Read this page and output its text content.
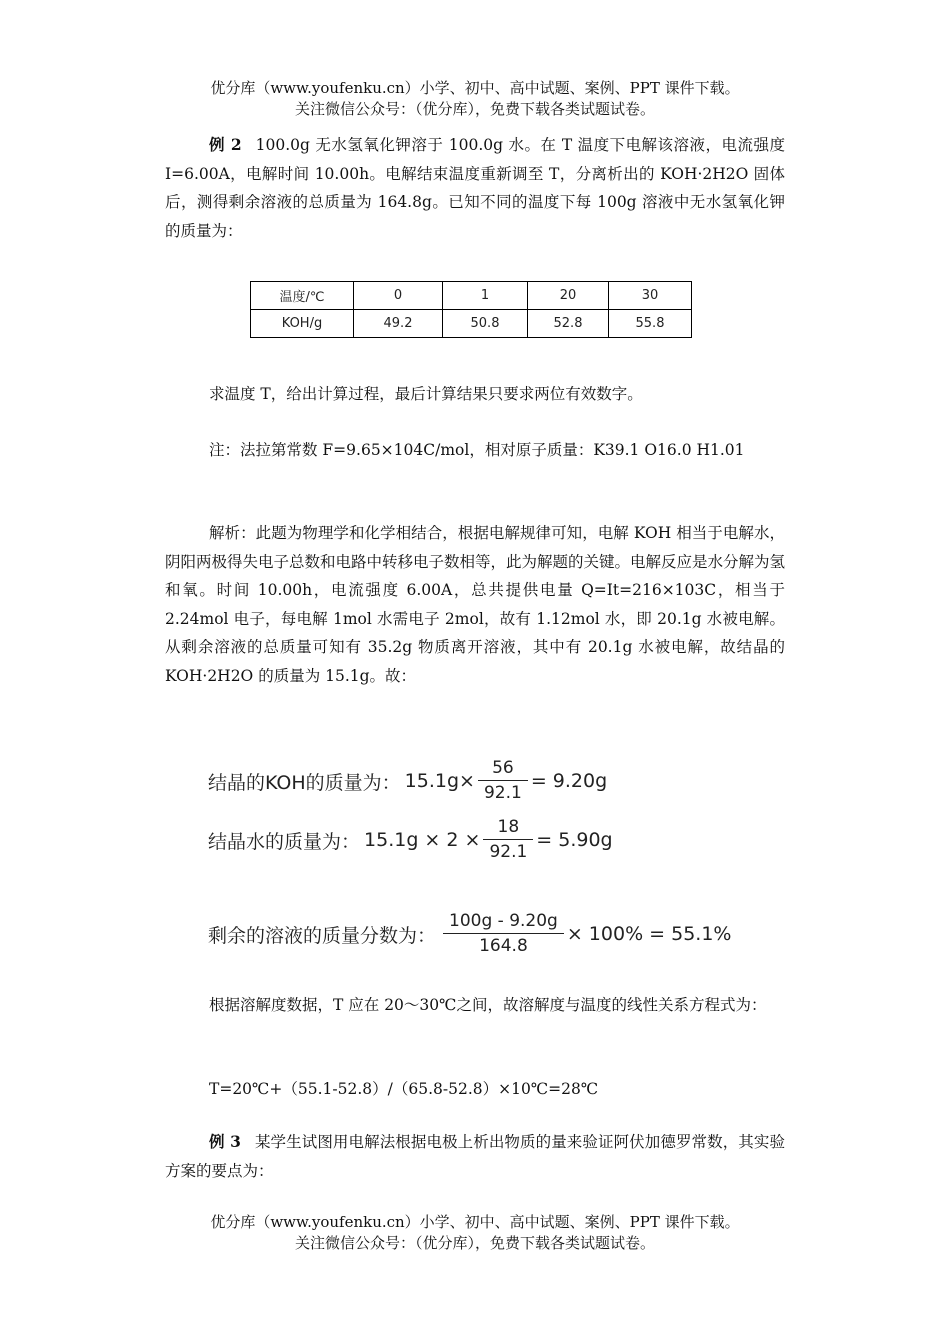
优分库（www.youfenku.cn）小学、初中、高中试题、案例、PPT 课件下载。
关注微信公众号：（优分库），免费下载各类试题试卷。

例 2 100.0g 无水氢氧化钾溶于 100.0g 水。在 T 温度下电解该溶液，电流强度 I=6.00A，电解时间 10.00h。电解结束温度重新调至 T，分离析出的 KOH·2H2O 固体后，测得剩余溶液的总质量为 164.8g。已知不同的温度下每 100g 溶液中无水氢氧化钾的质量为：

温度/℃	0	1	20	30
KOH/g	49.2	50.8	52.8	55.8

求温度 T，给出计算过程，最后计算结果只要求两位有效数字。

注：法拉第常数 F=9.65×104C/mol，相对原子质量：K39.1 O16.0 H1.01

解析：此题为物理学和化学相结合，根据电解规律可知，电解 KOH 相当于电解水，阴阳两极得失电子总数和电路中转移电子数相等，此为解题的关键。电解反应是水分解为氢和氧。时间 10.00h，电流强度 6.00A，总共提供电量 Q=It=216×103C，相当于 2.24mol 电子，每电解 1mol 水需电子 2mol，故有 1.12mol 水，即 20.1g 水被电解。从剩余溶液的总质量可知有 35.2g 物质离开溶液，其中有 20.1g 水被电解，故结晶的 KOH·2H2O 的质量为 15.1g。故：

结晶的KOH的质量为： $15.1g\times \frac{56}{92.1} = 9.20g$
结晶水的质量为： $15.1g \times 2 \times \frac{18}{92.1} = 5.90g$
剩余的溶液的质量分数为： $\frac{100g - 9.20g}{164.8} \times 100\% = 55.1\%$

根据溶解度数据，T 应在 20～30℃之间，故溶解度与温度的线性关系方程式为：

T=20℃+（55.1-52.8）/（65.8-52.8）×10℃=28℃

例 3 某学生试图用电解法根据电极上析出物质的量来验证阿伏加德罗常数，其实验方案的要点为：

优分库（www.youfenku.cn）小学、初中、高中试题、案例、PPT 课件下载。
关注微信公众号：（优分库），免费下载各类试题试卷。
